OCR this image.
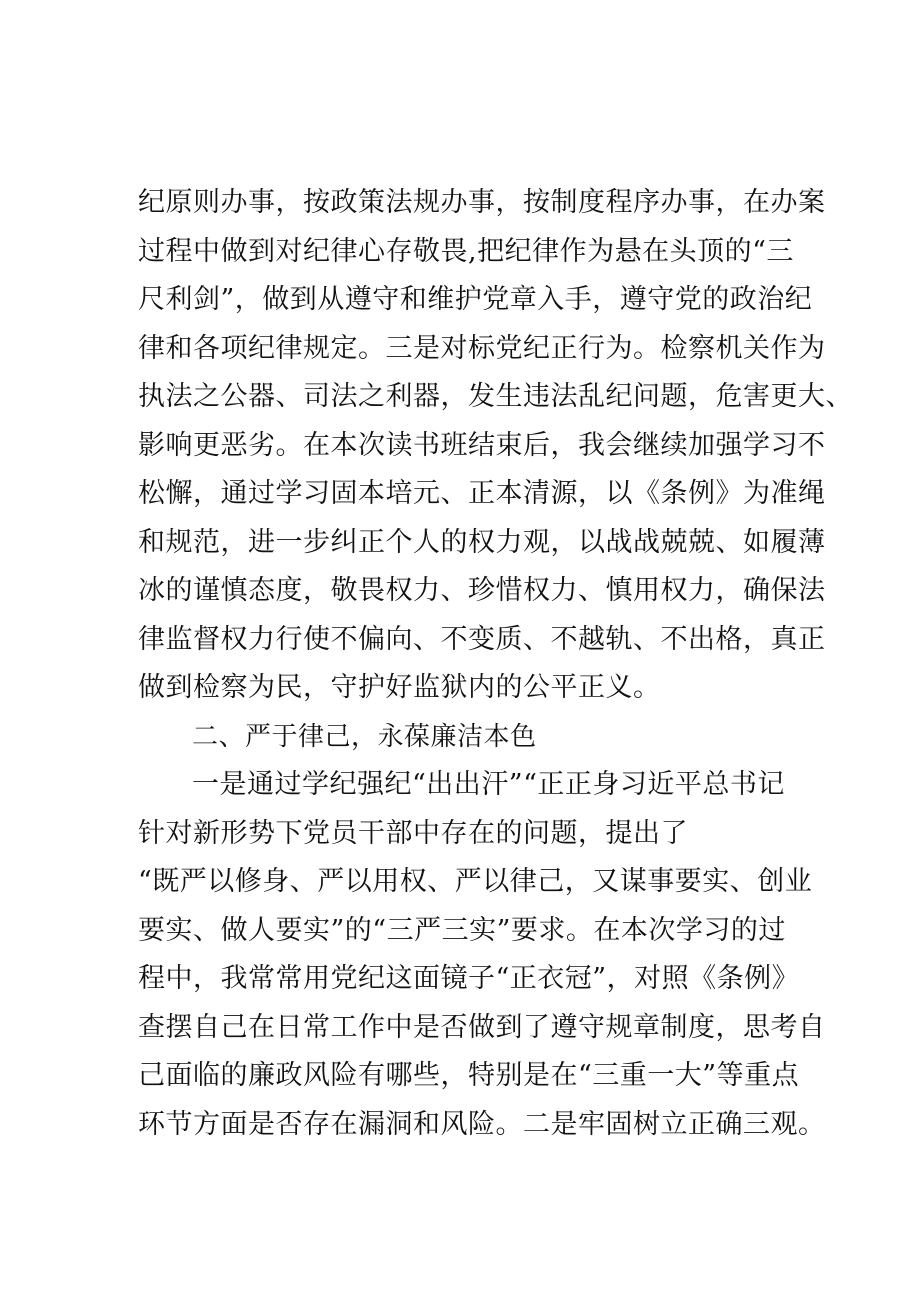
纪原则办事，按政策法规办事，按制度程序办事，在办案
过程中做到对纪律心存敬畏,把纪律作为悬在头顶的“三
尺利剑”，做到从遵守和维护党章入手，遵守党的政治纪
律和各项纪律规定。三是对标党纪正行为。检察机关作为
执法之公器、司法之利器，发生违法乱纪问题，危害更大、
影响更恶劣。在本次读书班结束后，我会继续加强学习不
松懈，通过学习固本培元、正本清源，以《条例》为准绳
和规范，进一步纠正个人的权力观，以战战兢兢、如履薄
冰的谨慎态度，敬畏权力、珍惜权力、慎用权力，确保法
律监督权力行使不偏向、不变质、不越轨、不出格，真正
做到检察为民，守护好监狱内的公平正义。
二、严于律己，永葆廉洁本色
一是通过学纪强纪“出出汗”“正正身习近平总书记
针对新形势下党员干部中存在的问题，提出了
“既严以修身、严以用权、严以律己，又谋事要实、创业
要实、做人要实”的“三严三实”要求。在本次学习的过
程中，我常常用党纪这面镜子“正衣冠”，对照《条例》
查摆自己在日常工作中是否做到了遵守规章制度，思考自
己面临的廉政风险有哪些，特别是在“三重一大”等重点
环节方面是否存在漏洞和风险。二是牢固树立正确三观。
